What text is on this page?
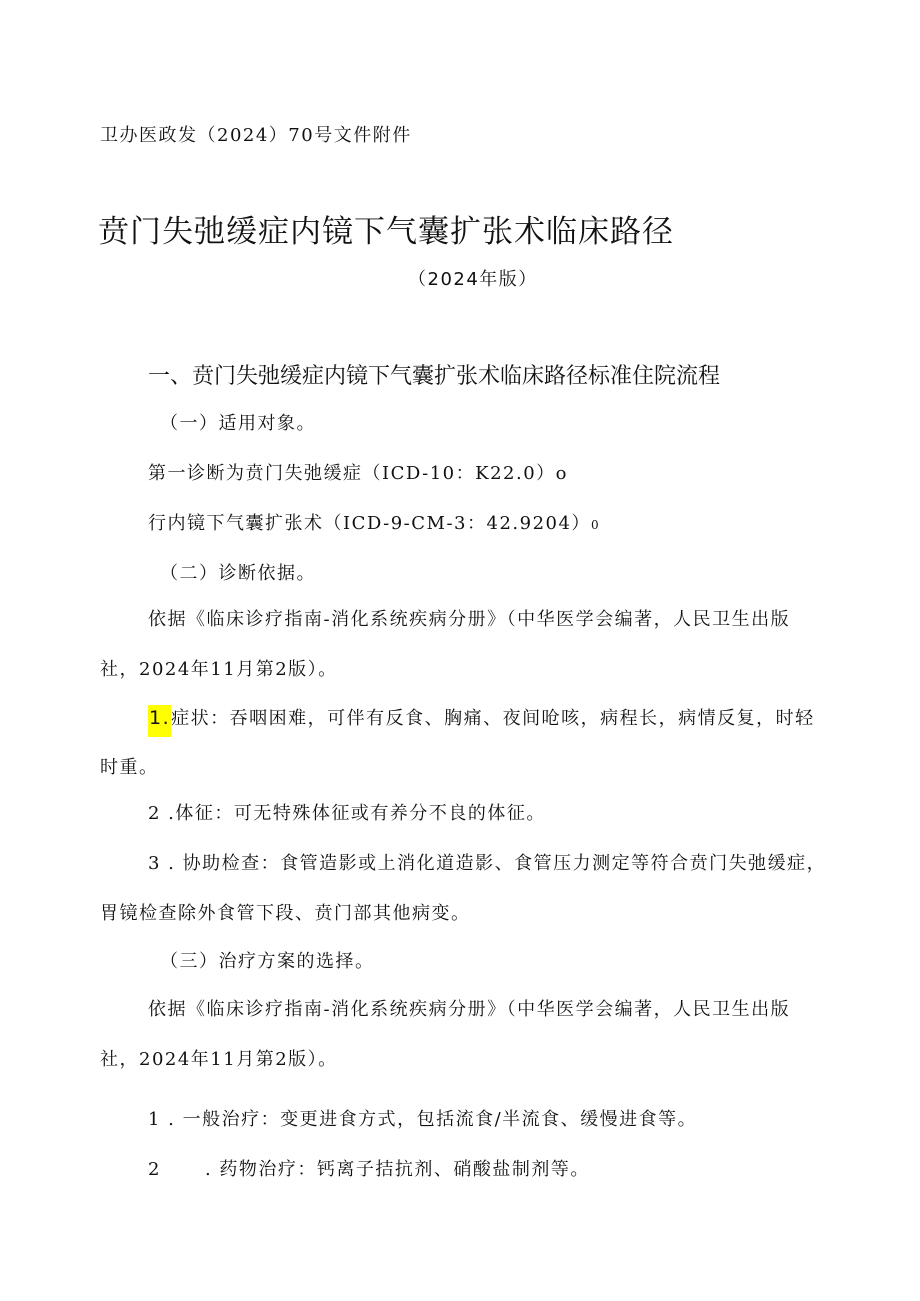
卫办医政发（2024）70号文件附件
贲门失弛缓症内镜下气囊扩张术临床路径
（2024年版）
一、贲门失弛缓症内镜下气囊扩张术临床路径标准住院流程
（一）适用对象。
第一诊断为贲门失弛缓症（ICD-10：K22.0）o
行内镜下气囊扩张术（ICD-9-CM-3：42.9204）0
（二）诊断依据。
依据《临床诊疗指南-消化系统疾病分册》（中华医学会编著，人民卫生出版
社，2024年11月第2版）。
1.症状：吞咽困难，可伴有反食、胸痛、夜间呛咳，病程长，病情反复，时轻
时重。
2 .体征：可无特殊体征或有养分不良的体征。
3 . 协助检查：食管造影或上消化道造影、食管压力测定等符合贲门失弛缓症，
胃镜检查除外食管下段、贲门部其他病变。
（三）治疗方案的选择。
依据《临床诊疗指南-消化系统疾病分册》（中华医学会编著，人民卫生出版
社，2024年11月第2版）。
1 . 一般治疗：变更进食方式，包括流食/半流食、缓慢进食等。
2 . 药物治疗：钙离子拮抗剂、硝酸盐制剂等。
